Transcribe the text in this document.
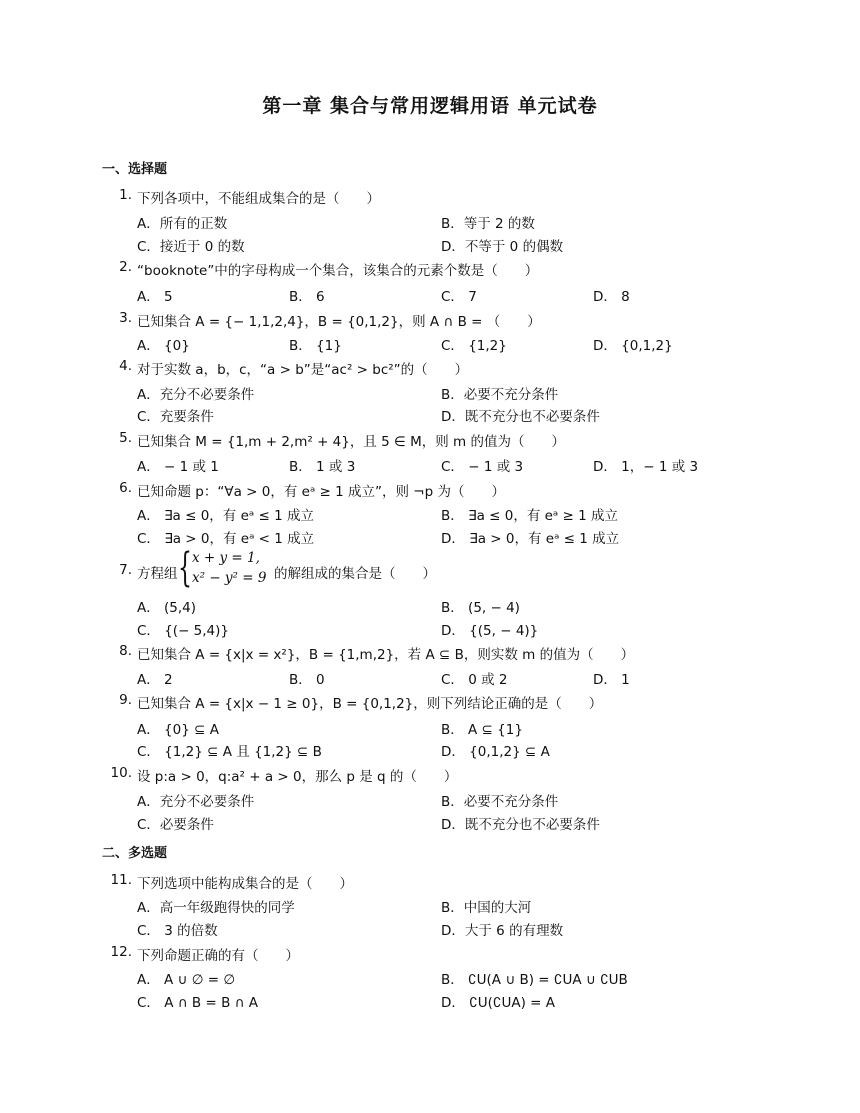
第一章 集合与常用逻辑用语 单元试卷
一、选择题
1. 下列各项中，不能组成集合的是（　　）
A．所有的正数	B．等于 2 的数
C．接近于 0 的数	D．不等于 0 的偶数
2. “booknote”中的字母构成一个集合，该集合的元素个数是（　　）
A． 5	B． 6	C． 7	D． 8
3. 已知集合 A = {− 1,1,2,4}，B = {0,1,2}，则 A ∩ B = （　　）
A． {0}	B． {1}	C． {1,2}	D． {0,1,2}
4. 对于实数 a，b，c，“a > b”是“ac² > bc²”的（　　）
A．充分不必要条件	B．必要不充分条件
C．充要条件	D．既不充分也不必要条件
5. 已知集合 M = {1,m + 2,m² + 4}，且 5 ∈ M，则 m 的值为（　　）
A． − 1 或 1	B． 1 或 3	C． − 1 或 3	D． 1，− 1 或 3
6. 已知命题 p：“∀a > 0，有 eᵃ ≥ 1 成立”，则 ¬p 为（　　）
A． ∃a ≤ 0，有 eᵃ ≤ 1 成立	B． ∃a ≤ 0，有 eᵃ ≥ 1 成立
C． ∃a > 0，有 eᵃ < 1 成立	D． ∃a > 0，有 eᵃ ≤ 1 成立
7. 方程组	的解组成的集合是（　　）
{ x + y = 1,
x² − y² = 9
A． (5,4)	B． (5, − 4)
C． {(− 5,4)}	D． {(5, − 4)}
8. 已知集合 A = {x|x = x²}，B = {1,m,2}，若 A ⊆ B，则实数 m 的值为（　　）
A． 2	B． 0	C． 0 或 2	D． 1
9. 已知集合 A = {x|x − 1 ≥ 0}，B = {0,1,2}，则下列结论正确的是（　　）
A． {0} ⊆ A	B． A ⊆ {1}
C． {1,2} ⊆ A 且 {1,2} ⊆ B	D． {0,1,2} ⊆ A
10. 设 p:a > 0，q:a² + a > 0，那么 p 是 q 的（　　）
A．充分不必要条件	B．必要不充分条件
C．必要条件	D．既不充分也不必要条件
二、多选题
11. 下列选项中能构成集合的是（　　）
A．高一年级跑得快的同学	B．中国的大河
C． 3 的倍数	D．大于 6 的有理数
12. 下列命题正确的有（　　）
A． A ∪ ∅ = ∅	B． ∁U(A ∪ B) = ∁UA ∪ ∁UB
C． A ∩ B = B ∩ A	D． ∁U(∁UA) = A
